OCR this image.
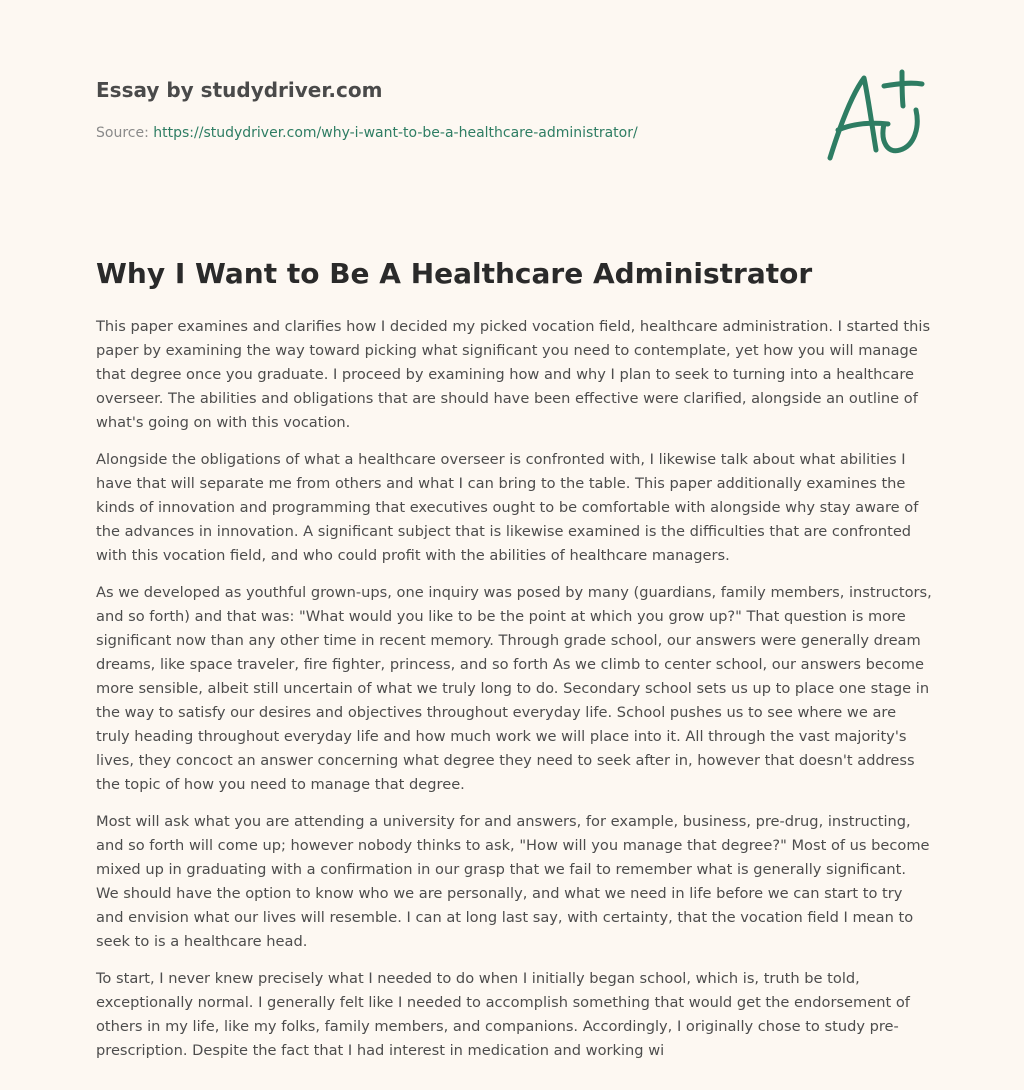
Essay by studydriver.com
Source: https://studydriver.com/why-i-want-to-be-a-healthcare-administrator/
Why I Want to Be A Healthcare Administrator

This paper examines and clarifies how I decided my picked vocation field, healthcare administration. I started this paper by examining the way toward picking what significant you need to contemplate, yet how you will manage that degree once you graduate. I proceed by examining how and why I plan to seek to turning into a healthcare overseer. The abilities and obligations that are should have been effective were clarified, alongside an outline of what's going on with this vocation.

Alongside the obligations of what a healthcare overseer is confronted with, I likewise talk about what abilities I have that will separate me from others and what I can bring to the table. This paper additionally examines the kinds of innovation and programming that executives ought to be comfortable with alongside why stay aware of the advances in innovation. A significant subject that is likewise examined is the difficulties that are confronted with this vocation field, and who could profit with the abilities of healthcare managers.

As we developed as youthful grown-ups, one inquiry was posed by many (guardians, family members, instructors, and so forth) and that was: "What would you like to be the point at which you grow up?" That question is more significant now than any other time in recent memory. Through grade school, our answers were generally dream dreams, like space traveler, fire fighter, princess, and so forth As we climb to center school, our answers become more sensible, albeit still uncertain of what we truly long to do. Secondary school sets us up to place one stage in the way to satisfy our desires and objectives throughout everyday life. School pushes us to see where we are truly heading throughout everyday life and how much work we will place into it. All through the vast majority's lives, they concoct an answer concerning what degree they need to seek after in, however that doesn't address the topic of how you need to manage that degree.

Most will ask what you are attending a university for and answers, for example, business, pre-drug, instructing, and so forth will come up; however nobody thinks to ask, "How will you manage that degree?" Most of us become mixed up in graduating with a confirmation in our grasp that we fail to remember what is generally significant. We should have the option to know who we are personally, and what we need in life before we can start to try and envision what our lives will resemble. I can at long last say, with certainty, that the vocation field I mean to seek to is a healthcare head.

To start, I never knew precisely what I needed to do when I initially began school, which is, truth be told, exceptionally normal. I generally felt like I needed to accomplish something that would get the endorsement of others in my life, like my folks, family members, and companions. Accordingly, I originally chose to study pre-prescription. Despite the fact that I had interest in medication and working wi
